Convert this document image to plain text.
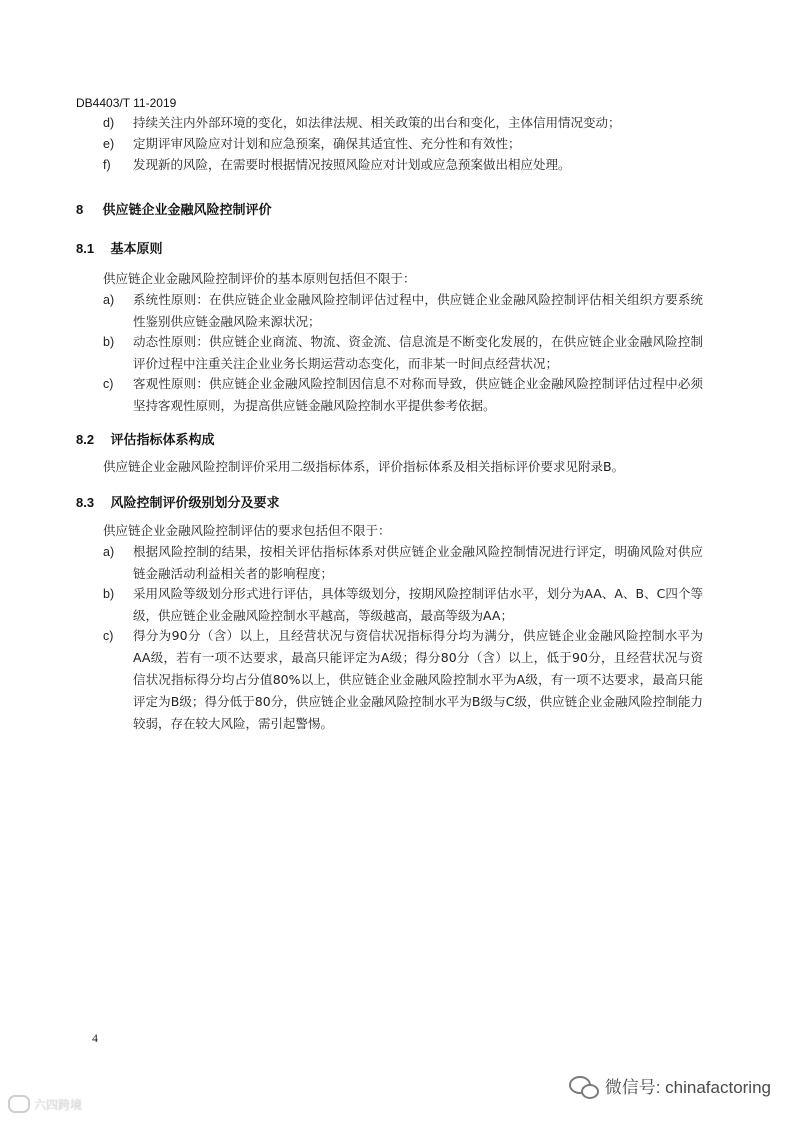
DB4403/T 11-2019
d)	持续关注内外部环境的变化，如法律法规、相关政策的出台和变化，主体信用情况变动；
e)	定期评审风险应对计划和应急预案，确保其适宜性、充分性和有效性；
f)	发现新的风险，在需要时根据情况按照风险应对计划或应急预案做出相应处理。
8 供应链企业金融风险控制评价
8.1 基本原则
供应链企业金融风险控制评价的基本原则包括但不限于：
a)	系统性原则：在供应链企业金融风险控制评估过程中，供应链企业金融风险控制评估相关组织方要系统性鉴别供应链金融风险来源状况；
b)	动态性原则：供应链企业商流、物流、资金流、信息流是不断变化发展的，在供应链企业金融风险控制评价过程中注重关注企业业务长期运营动态变化，而非某一时间点经营状况；
c)	客观性原则：供应链企业金融风险控制因信息不对称而导致，供应链企业金融风险控制评估过程中必须坚持客观性原则，为提高供应链金融风险控制水平提供参考依据。
8.2 评估指标体系构成
供应链企业金融风险控制评价采用二级指标体系，评价指标体系及相关指标评价要求见附录B。
8.3 风险控制评价级别划分及要求
供应链企业金融风险控制评估的要求包括但不限于：
a)	根据风险控制的结果，按相关评估指标体系对供应链企业金融风险控制情况进行评定，明确风险对供应链金融活动利益相关者的影响程度；
b)	采用风险等级划分形式进行评估，具体等级划分，按期风险控制评估水平，划分为AA、A、B、C四个等级，供应链企业金融风险控制水平越高，等级越高，最高等级为AA；
c)	得分为90分（含）以上，且经营状况与资信状况指标得分均为满分，供应链企业金融风险控制水平为AA级，若有一项不达要求，最高只能评定为A级；得分80分（含）以上，低于90分，且经营状况与资信状况指标得分均占分值80%以上，供应链企业金融风险控制水平为A级，有一项不达要求，最高只能评定为B级；得分低于80分，供应链企业金融风险控制水平为B级与C级，供应链企业金融风险控制能力较弱，存在较大风险，需引起警惕。
4
微信号: chinafactoring
六四跨境
